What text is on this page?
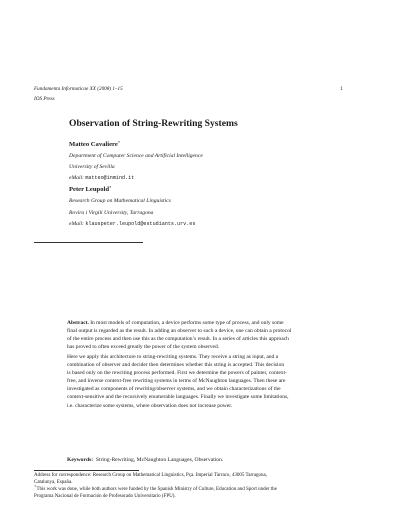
Fundamenta Informaticae XX (2008) 1–15
IOS Press
1
Observation of String-Rewriting Systems
Matteo Cavaliere∗
Department of Computer Science and Artificial Intelligence
University of Sevilla
eMail: matteo@inmind.it
Peter Leupold∗
Research Group on Mathematical Linguistics
Rovira i Virgili University, Tarragona
eMail: klauspeter.leupold@estudiants.urv.es
Abstract. In most models of computation, a device performs some type of process, and only some
final output is regarded as the result. In adding an observer to such a device, one can obtain a protocol
of the entire process and then use this as the computation’s result. In a series of articles this approach
has proved to often exceed greatly the power of the system observed.
Here we apply this architecture to string-rewriting systems. They receive a string as input, and a
combination of observer and decider then determines whether this string is accepted. This decision
is based only on the rewriting process performed. First we determine the powers of painter, context-
free, and inverse context-free rewriting systems in terms of McNaughton languages. Then these are
investigated as components of rewriting/observer systems, and we obtain characterizations of the
context-sensitive and the recursively enumerable languages. Finally we investigate some limitations,
i.e. characterize some systems, where observation does not increase power.
Keywords: String-Rewriting, McNaughton Languages, Observation.
Address for correspondence: Research Group on Mathematical Linguistics, Pça. Imperial Tàrraco, 43005 Tarragona,
Catalunya, España.
∗This work was done, while both authors were funded by the Spanish Ministry of Culture, Education and Sport under the
Programa Nacional de Formación de Profesorado Universitario (FPU).
